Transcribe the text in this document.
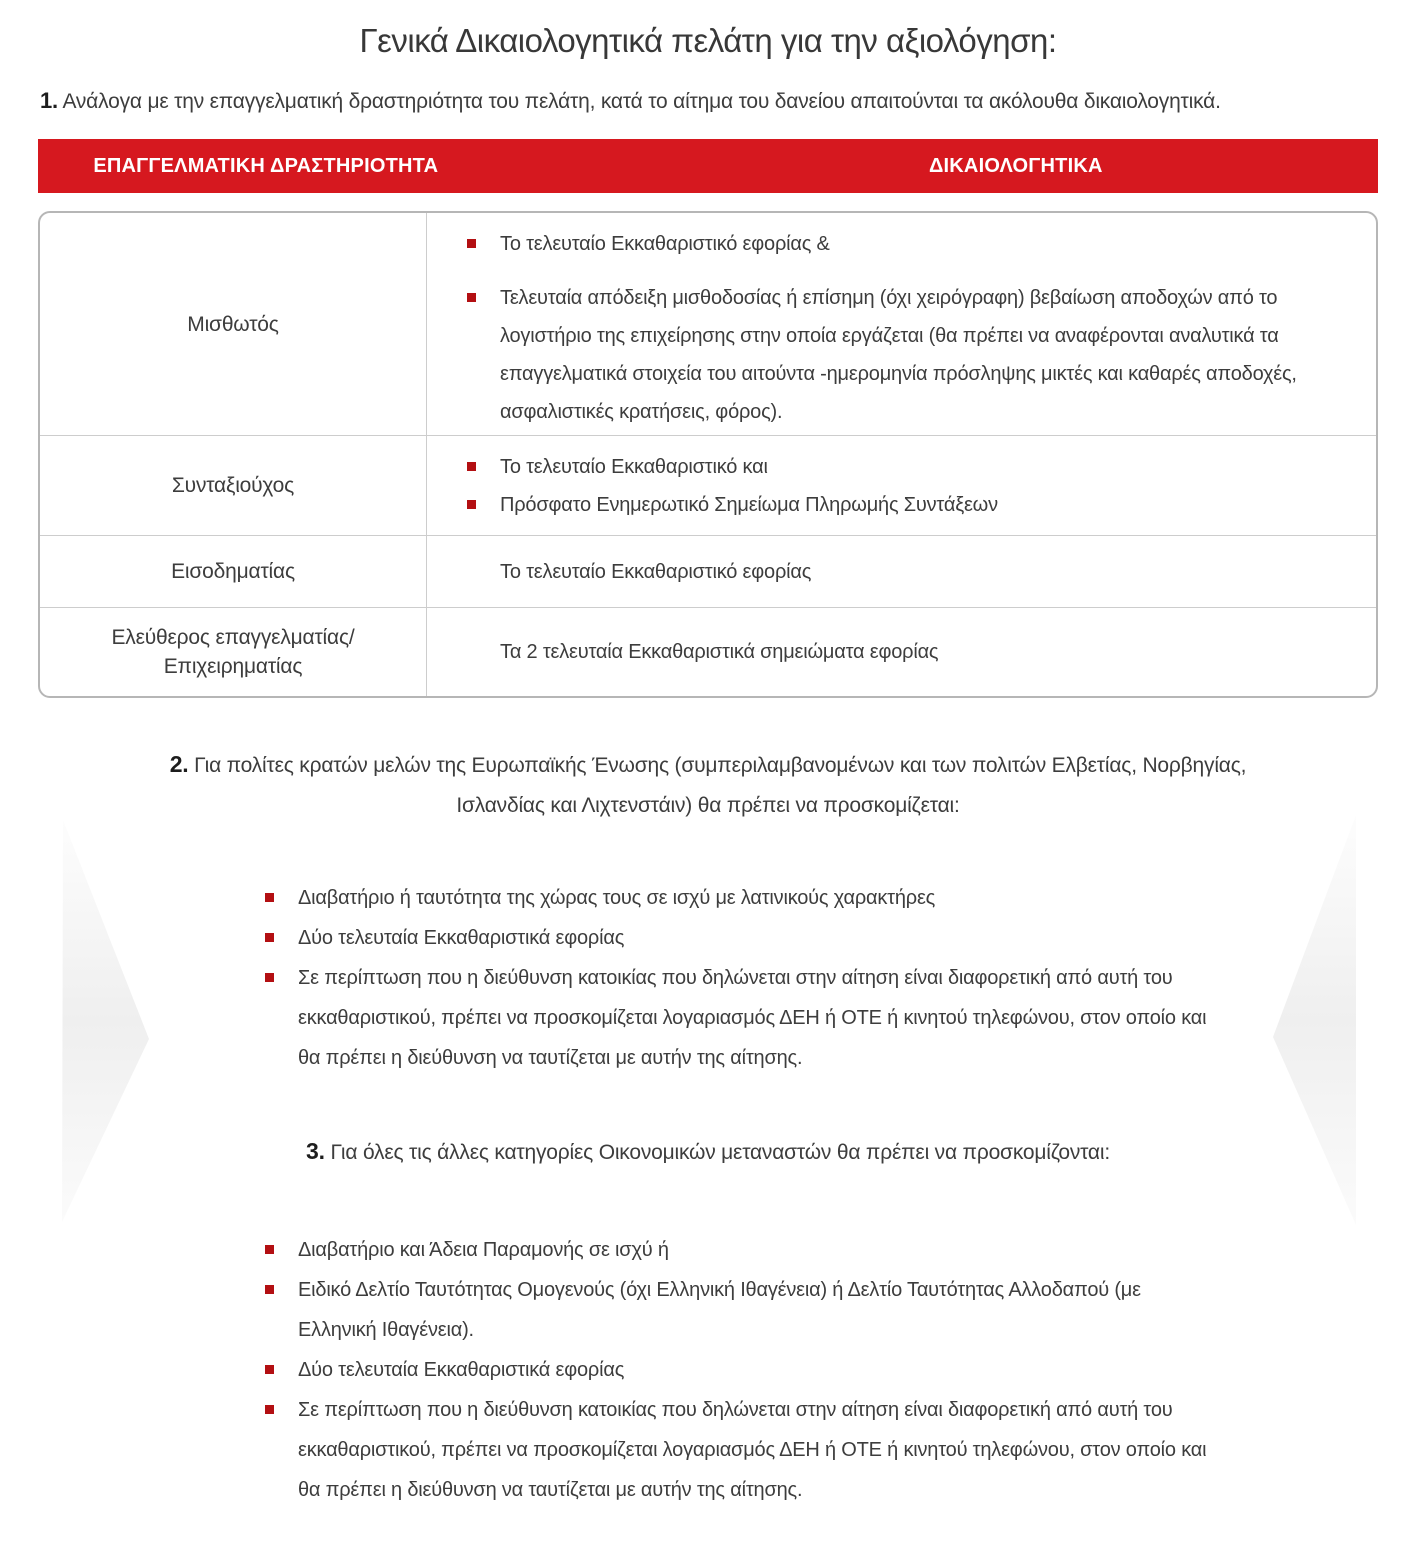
Γενικά Δικαιολογητικά πελάτη για την αξιολόγηση:

1. Ανάλογα με την επαγγελματική δραστηριότητα του πελάτη, κατά το αίτημα του δανείου απαιτούνται τα ακόλουθα δικαιολογητικά.

ΕΠΑΓΓΕΛΜΑΤΙΚΗ ΔΡΑΣΤΗΡΙΟΤΗΤΑ	ΔΙΚΑΙΟΛΟΓΗΤΙΚΑ
Μισθωτός
Το τελευταίο Εκκαθαριστικό εφορίας &
Τελευταία απόδειξη μισθοδοσίας ή επίσημη (όχι χειρόγραφη) βεβαίωση αποδοχών από το λογιστήριο της επιχείρησης στην οποία εργάζεται (θα πρέπει να αναφέρονται αναλυτικά τα επαγγελματικά στοιχεία του αιτούντα -ημερομηνία πρόσληψης μικτές και καθαρές αποδοχές, ασφαλιστικές κρατήσεις, φόρος).
Συνταξιούχος
Το τελευταίο Εκκαθαριστικό και
Πρόσφατο Ενημερωτικό Σημείωμα Πληρωμής Συντάξεων
Εισοδηματίας	Το τελευταίο Εκκαθαριστικό εφορίας
Ελεύθερος επαγγελματίας/Επιχειρηματίας
Τα 2 τελευταία Εκκαθαριστικά σημειώματα εφορίας

2. Για πολίτες κρατών μελών της Ευρωπαϊκής Ένωσης (συμπεριλαμβανομένων και των πολιτών Ελβετίας, Νορβηγίας, Ισλανδίας και Λιχτενστάιν) θα πρέπει να προσκομίζεται:

Διαβατήριο ή ταυτότητα της χώρας τους σε ισχύ με λατινικούς χαρακτήρες
Δύο τελευταία Εκκαθαριστικά εφορίας
Σε περίπτωση που η διεύθυνση κατοικίας που δηλώνεται στην αίτηση είναι διαφορετική από αυτή του εκκαθαριστικού, πρέπει να προσκομίζεται λογαριασμός ΔΕΗ ή ΟΤΕ ή κινητού τηλεφώνου, στον οποίο και θα πρέπει η διεύθυνση να ταυτίζεται με αυτήν της αίτησης.

3. Για όλες τις άλλες κατηγορίες Οικονομικών μεταναστών θα πρέπει να προσκομίζονται:

Διαβατήριο και Άδεια Παραμονής σε ισχύ ή
Ειδικό Δελτίο Ταυτότητας Ομογενούς (όχι Ελληνική Ιθαγένεια) ή Δελτίο Ταυτότητας Αλλοδαπού (με Ελληνική Ιθαγένεια).
Δύο τελευταία Εκκαθαριστικά εφορίας
Σε περίπτωση που η διεύθυνση κατοικίας που δηλώνεται στην αίτηση είναι διαφορετική από αυτή του εκκαθαριστικού, πρέπει να προσκομίζεται λογαριασμός ΔΕΗ ή ΟΤΕ ή κινητού τηλεφώνου, στον οποίο και θα πρέπει η διεύθυνση να ταυτίζεται με αυτήν της αίτησης.
